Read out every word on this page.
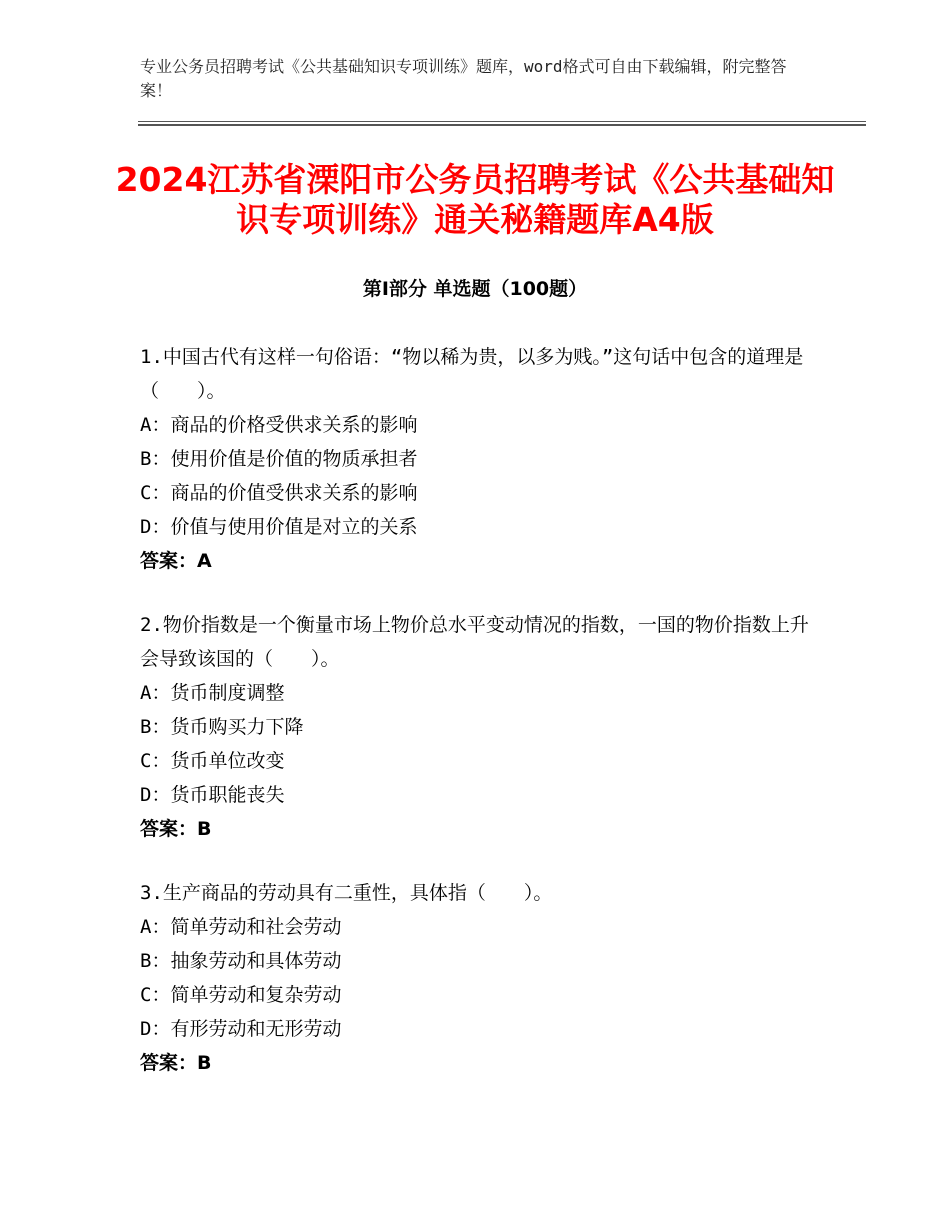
专业公务员招聘考试《公共基础知识专项训练》题库，word格式可自由下载编辑，附完整答案！
2024江苏省溧阳市公务员招聘考试《公共基础知识专项训练》通关秘籍题库A4版
第Ⅰ部分 单选题（100题）

1.中国古代有这样一句俗语：“物以稀为贵，以多为贱。”这句话中包含的道理是（　　）。

A：商品的价格受供求关系的影响

B：使用价值是价值的物质承担者

C：商品的价值受供求关系的影响

D：价值与使用价值是对立的关系

答案：A

2.物价指数是一个衡量市场上物价总水平变动情况的指数，一国的物价指数上升会导致该国的（　　）。

A：货币制度调整

B：货币购买力下降

C：货币单位改变

D：货币职能丧失

答案：B

3.生产商品的劳动具有二重性，具体指（　　）。

A：简单劳动和社会劳动

B：抽象劳动和具体劳动

C：简单劳动和复杂劳动

D：有形劳动和无形劳动

答案：B
